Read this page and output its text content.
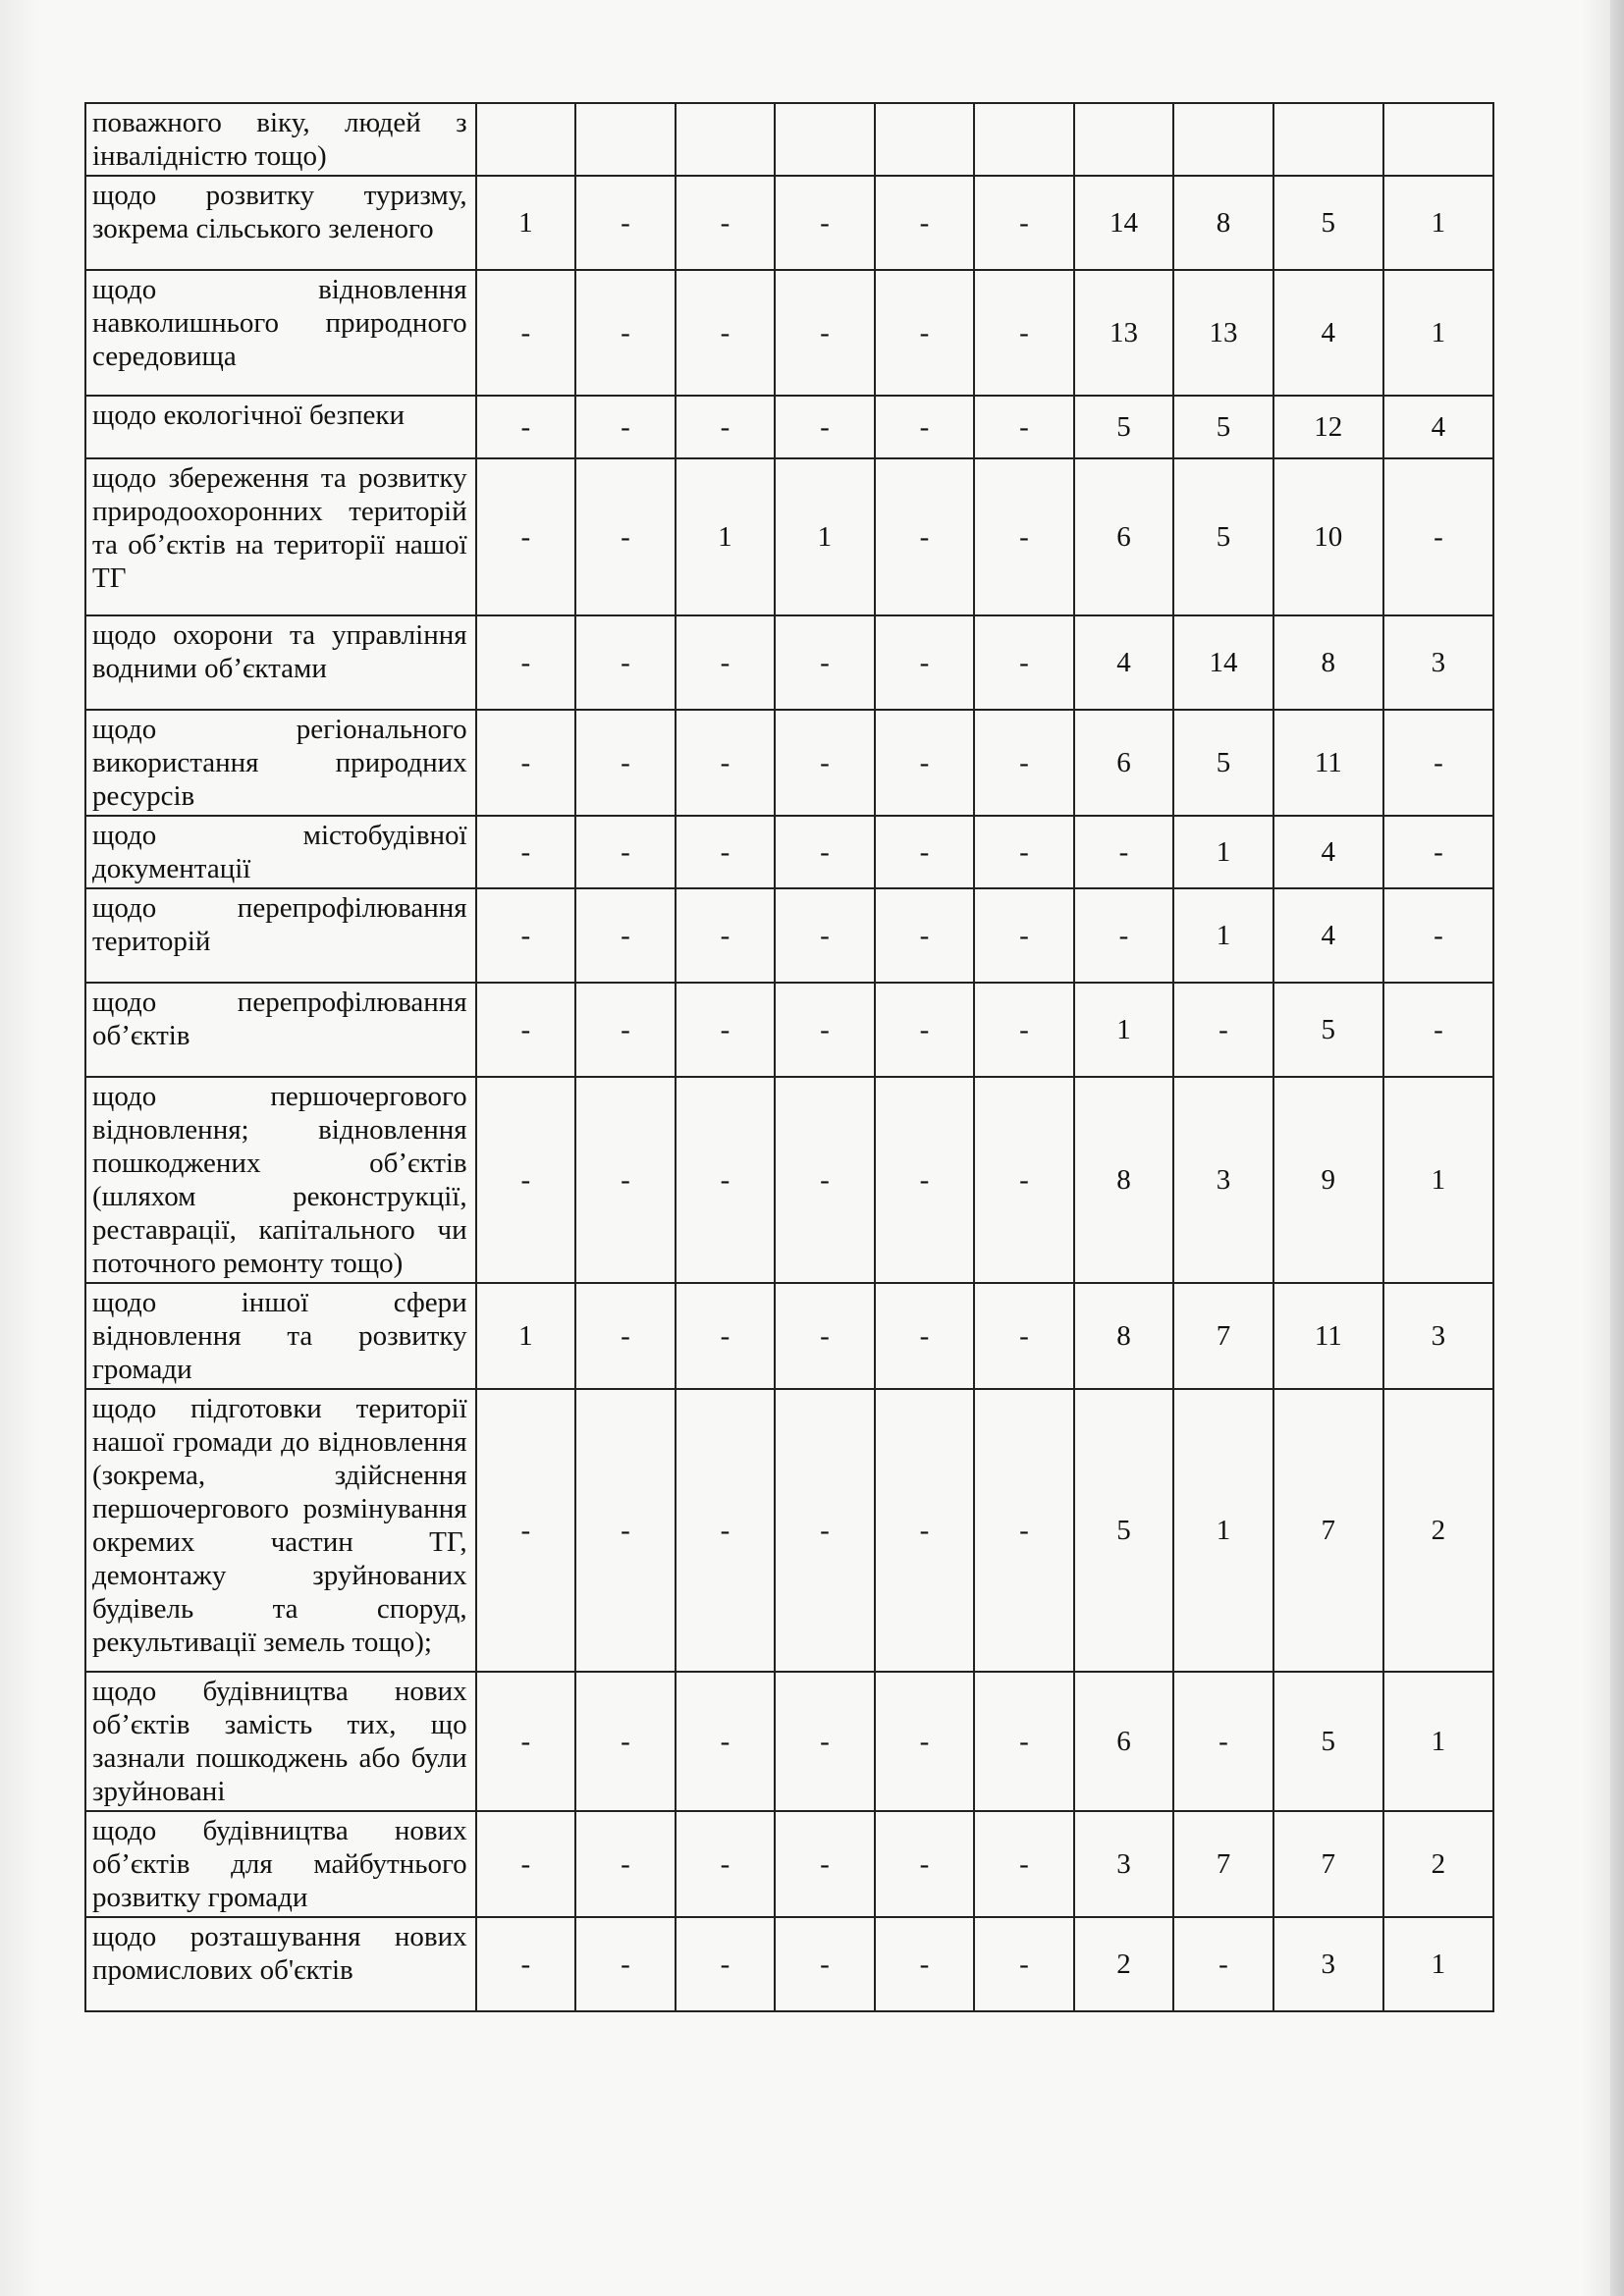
поважного віку, людей з інвалідністю тощо)										
щодо розвитку туризму, зокрема сільського зеленого	1	-	-	-	-	-	14	8	5	1
щодо відновлення навколишнього природного середовища	-	-	-	-	-	-	13	13	4	1
щодо екологічної безпеки	-	-	-	-	-	-	5	5	12	4
щодо збереження та розвитку природоохоронних територій та об’єктів на території нашої ТГ	-	-	1	1	-	-	6	5	10	-
щодо охорони та управління водними об’єктами	-	-	-	-	-	-	4	14	8	3
щодо регіонального використання природних ресурсів	-	-	-	-	-	-	6	5	11	-
щодо містобудівної документації	-	-	-	-	-	-	-	1	4	-
щодо перепрофілювання територій	-	-	-	-	-	-	-	1	4	-
щодо перепрофілювання об’єктів	-	-	-	-	-	-	1	-	5	-
щодо першочергового відновлення; відновлення пошкоджених об’єктів (шляхом реконструкції, реставрації, капітального чи поточного ремонту тощо)	-	-	-	-	-	-	8	3	9	1
щодо іншої сфери відновлення та розвитку громади	1	-	-	-	-	-	8	7	11	3
щодо підготовки території нашої громади до відновлення (зокрема, здійснення першочергового розмінування окремих частин ТГ, демонтажу зруйнованих будівель та споруд, рекультивації земель тощо);	-	-	-	-	-	-	5	1	7	2
щодо будівництва нових об’єктів замість тих, що зазнали пошкоджень або були зруйновані	-	-	-	-	-	-	6	-	5	1
щодо будівництва нових об’єктів для майбутнього розвитку громади	-	-	-	-	-	-	3	7	7	2
щодо розташування нових промислових об'єктів	-	-	-	-	-	-	2	-	3	1
